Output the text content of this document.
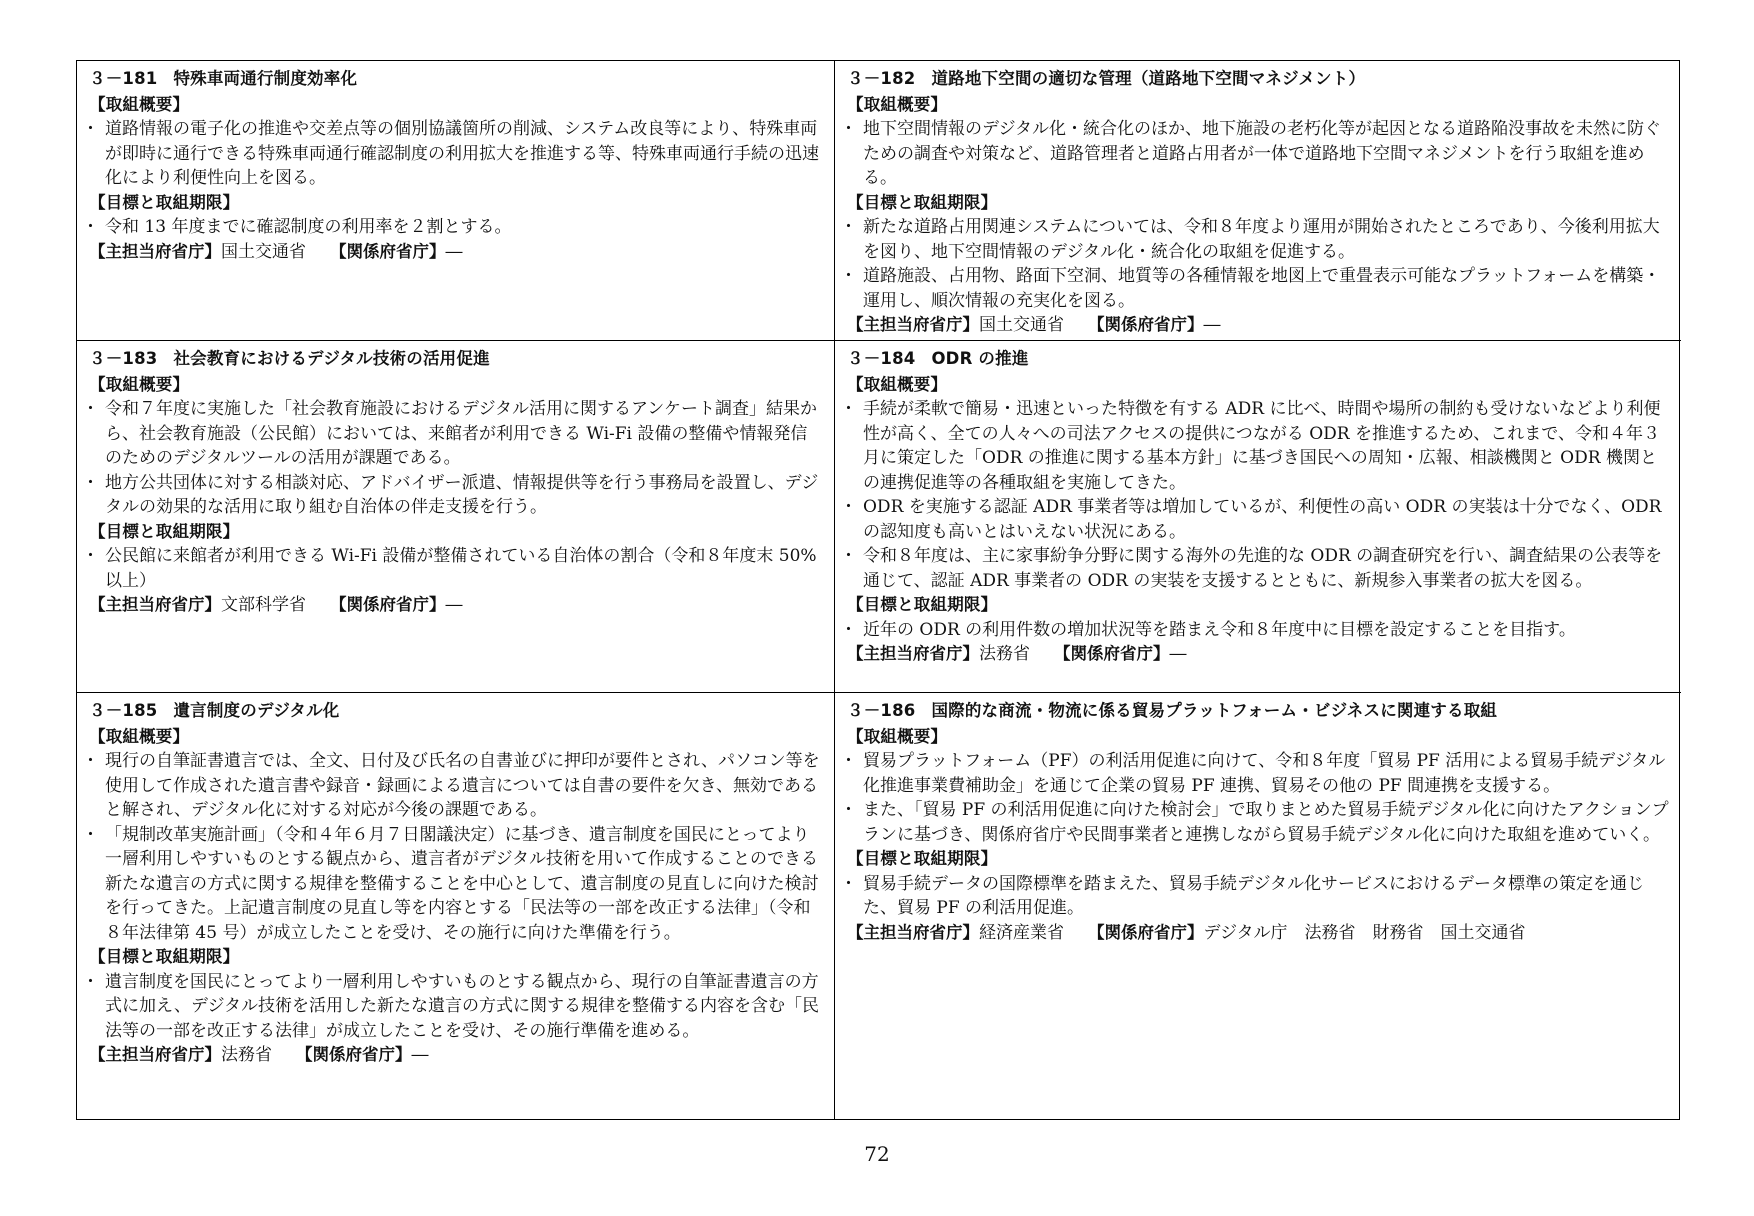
３－181 特殊車両通行制度効率化
【取組概要】
・ 道路情報の電子化の推進や交差点等の個別協議箇所の削減、システム改良等により、特殊車両が即時に通行できる特殊車両通行確認制度の利用拡大を推進する等、特殊車両通行手続の迅速化により利便性向上を図る。
【目標と取組期限】
・ 令和 13 年度までに確認制度の利用率を２割とする。
【主担当府省庁】国土交通省 【関係府省庁】―
３－182 道路地下空間の適切な管理（道路地下空間マネジメント）
【取組概要】
・ 地下空間情報のデジタル化・統合化のほか、地下施設の老朽化等が起因となる道路陥没事故を未然に防ぐための調査や対策など、道路管理者と道路占用者が一体で道路地下空間マネジメントを行う取組を進める。
【目標と取組期限】
・ 新たな道路占用関連システムについては、令和８年度より運用が開始されたところであり、今後利用拡大を図り、地下空間情報のデジタル化・統合化の取組を促進する。
・ 道路施設、占用物、路面下空洞、地質等の各種情報を地図上で重畳表示可能なプラットフォームを構築・運用し、順次情報の充実化を図る。
【主担当府省庁】国土交通省 【関係府省庁】―
３－183 社会教育におけるデジタル技術の活用促進
【取組概要】
・ 令和７年度に実施した「社会教育施設におけるデジタル活用に関するアンケート調査」結果から、社会教育施設（公民館）においては、来館者が利用できる Wi-Fi 設備の整備や情報発信のためのデジタルツールの活用が課題である。
・ 地方公共団体に対する相談対応、アドバイザー派遣、情報提供等を行う事務局を設置し、デジタルの効果的な活用に取り組む自治体の伴走支援を行う。
【目標と取組期限】
・ 公民館に来館者が利用できる Wi-Fi 設備が整備されている自治体の割合（令和８年度末 50%以上）
【主担当府省庁】文部科学省 【関係府省庁】―
３－184 ODR の推進
【取組概要】
・ 手続が柔軟で簡易・迅速といった特徴を有する ADR に比べ、時間や場所の制約も受けないなどより利便性が高く、全ての人々への司法アクセスの提供につながる ODR を推進するため、これまで、令和４年３月に策定した「ODR の推進に関する基本方針」に基づき国民への周知・広報、相談機関と ODR 機関との連携促進等の各種取組を実施してきた。
・ ODR を実施する認証 ADR 事業者等は増加しているが、利便性の高い ODR の実装は十分でなく、ODR の認知度も高いとはいえない状況にある。
・ 令和８年度は、主に家事紛争分野に関する海外の先進的な ODR の調査研究を行い、調査結果の公表等を通じて、認証 ADR 事業者の ODR の実装を支援するとともに、新規参入事業者の拡大を図る。
【目標と取組期限】
・ 近年の ODR の利用件数の増加状況等を踏まえ令和８年度中に目標を設定することを目指す。
【主担当府省庁】法務省 【関係府省庁】―
３－185 遺言制度のデジタル化
【取組概要】
・ 現行の自筆証書遺言では、全文、日付及び氏名の自書並びに押印が要件とされ、パソコン等を使用して作成された遺言書や録音・録画による遺言については自書の要件を欠き、無効であると解され、デジタル化に対する対応が今後の課題である。
・ 「規制改革実施計画」（令和４年６月７日閣議決定）に基づき、遺言制度を国民にとってより一層利用しやすいものとする観点から、遺言者がデジタル技術を用いて作成することのできる新たな遺言の方式に関する規律を整備することを中心として、遺言制度の見直しに向けた検討を行ってきた。上記遺言制度の見直し等を内容とする「民法等の一部を改正する法律」（令和８年法律第 45 号）が成立したことを受け、その施行に向けた準備を行う。
【目標と取組期限】
・ 遺言制度を国民にとってより一層利用しやすいものとする観点から、現行の自筆証書遺言の方式に加え、デジタル技術を活用した新たな遺言の方式に関する規律を整備する内容を含む「民法等の一部を改正する法律」が成立したことを受け、その施行準備を進める。
【主担当府省庁】法務省 【関係府省庁】―
３－186 国際的な商流・物流に係る貿易プラットフォーム・ビジネスに関連する取組
【取組概要】
・ 貿易プラットフォーム（PF）の利活用促進に向けて、令和８年度「貿易 PF 活用による貿易手続デジタル化推進事業費補助金」を通じて企業の貿易 PF 連携、貿易その他の PF 間連携を支援する。
・ また、「貿易 PF の利活用促進に向けた検討会」で取りまとめた貿易手続デジタル化に向けたアクションプランに基づき、関係府省庁や民間事業者と連携しながら貿易手続デジタル化に向けた取組を進めていく。
【目標と取組期限】
・ 貿易手続データの国際標準を踏まえた、貿易手続デジタル化サービスにおけるデータ標準の策定を通じた、貿易 PF の利活用促進。
【主担当府省庁】経済産業省 【関係府省庁】デジタル庁　法務省　財務省　国土交通省
72
